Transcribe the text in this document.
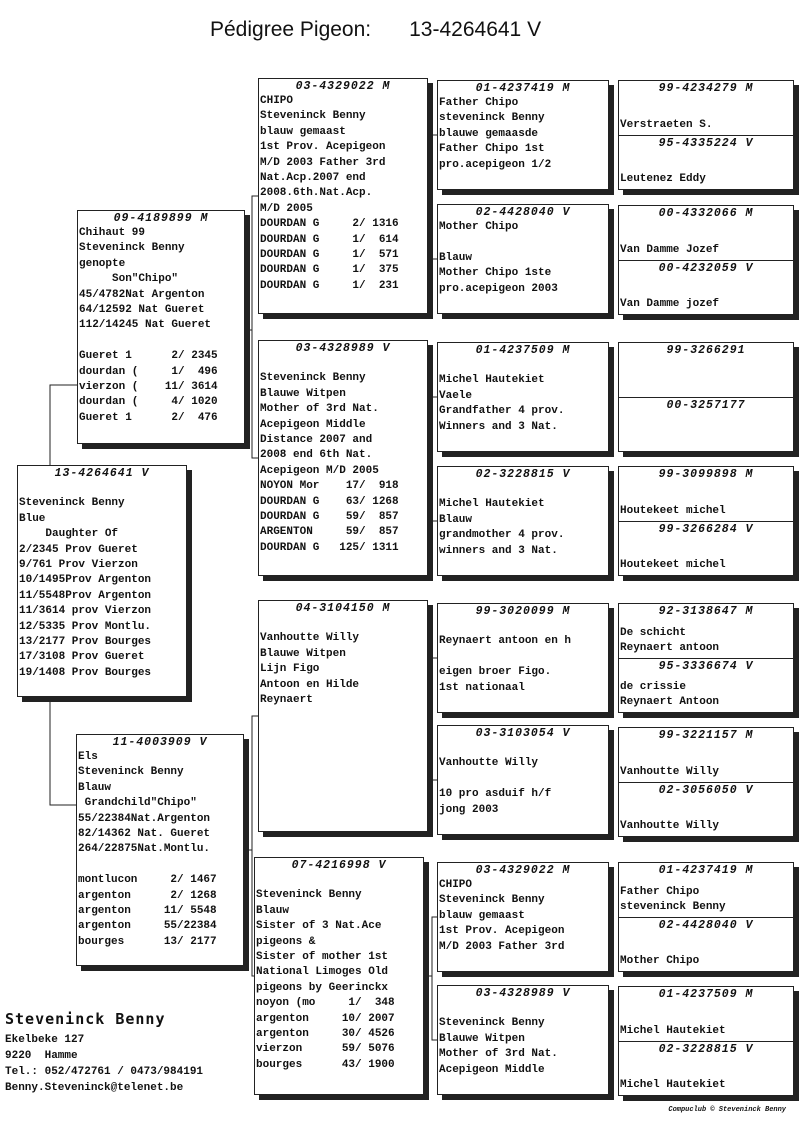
Pédigree Pigeon: 13-4264641 V
13-4264641 V
Steveninck Benny
Blue
Daughter Of
2/2345 Prov Gueret
9/761 Prov Vierzon
10/1495Prov Argenton
11/5548Prov Argenton
11/3614 prov Vierzon
12/5335 Prov Montlu.
13/2177 Prov Bourges
17/3108 Prov Gueret
19/1408 Prov Bourges
09-4189899 M
Chihaut 99
Steveninck Benny
genopte
Son"Chipo"
45/4782Nat Argenton
64/12592 Nat Gueret
112/14245 Nat Gueret
Gueret 1      2/ 2345
dourdan (     1/  496
vierzon (    11/ 3614
dourdan (     4/ 1020
Gueret 1      2/  476
11-4003909 V
Els
Steveninck Benny
Blauw
Grandchild"Chipo"
55/22384Nat.Argenton
82/14362 Nat. Gueret
264/22875Nat.Montlu.
montlucon     2/ 1467
argenton      2/ 1268
argenton     11/ 5548
argenton     55/22384
bourges      13/ 2177
03-4329022 M
CHIPO
Steveninck Benny
blauw gemaast
1st Prov. Acepigeon
M/D 2003 Father 3rd
Nat.Acp.2007 end
2008.6th.Nat.Acp.
M/D 2005
DOURDAN G     2/ 1316
DOURDAN G     1/  614
DOURDAN G     1/  571
DOURDAN G     1/  375
DOURDAN G     1/  231
03-4328989 V
Steveninck Benny
Blauwe Witpen
Mother of 3rd Nat.
Acepigeon Middle
Distance 2007 and
2008 end 6th Nat.
Acepigeon M/D 2005
NOYON Mor    17/  918
DOURDAN G    63/ 1268
DOURDAN G    59/  857
ARGENTON     59/  857
DOURDAN G   125/ 1311
04-3104150 M
Vanhoutte Willy
Blauwe Witpen
Lijn Figo
Antoon en Hilde
Reynaert
07-4216998 V
Steveninck Benny
Blauw
Sister of 3 Nat.Ace
pigeons &
Sister of mother 1st
National Limoges Old
pigeons by Geerinckx
noyon (mo     1/  348
argenton     10/ 2007
argenton     30/ 4526
vierzon      59/ 5076
bourges      43/ 1900
01-4237419 M
Father Chipo
steveninck Benny
blauwe gemaasde
Father Chipo 1st
pro.acepigeon 1/2
02-4428040 V
Mother Chipo
Blauw
Mother Chipo 1ste
pro.acepigeon 2003
01-4237509 M
Michel Hautekiet
Vaele
Grandfather 4 prov.
Winners and 3 Nat.
02-3228815 V
Michel Hautekiet
Blauw
grandmother 4 prov.
winners and 3 Nat.
99-3020099 M
Reynaert antoon en h
eigen broer Figo.
1st nationaal
03-3103054 V
Vanhoutte Willy
10 pro asduif h/f
jong 2003
03-4329022 M
CHIPO
Steveninck Benny
blauw gemaast
1st Prov. Acepigeon
M/D 2003 Father 3rd
03-4328989 V
Steveninck Benny
Blauwe Witpen
Mother of 3rd Nat.
Acepigeon Middle
99-4234279 M
Verstraeten S.
95-4335224 V
Leutenez Eddy
00-4332066 M
Van Damme Jozef
00-4232059 V
Van Damme jozef
99-3266291
00-3257177
99-3099898 M
Houtekeet michel
99-3266284 V
Houtekeet michel
92-3138647 M
De schicht
Reynaert antoon
95-3336674 V
de crissie
Reynaert Antoon
99-3221157 M
Vanhoutte Willy
02-3056050 V
Vanhoutte Willy
01-4237419 M
Father Chipo
steveninck Benny
02-4428040 V
Mother Chipo
01-4237509 M
Michel Hautekiet
02-3228815 V
Michel Hautekiet
Steveninck Benny
Ekelbeke 127
9220  Hamme
Tel.: 052/472761 / 0473/984191
Benny.Steveninck@telenet.be
Compuclub © Steveninck Benny
